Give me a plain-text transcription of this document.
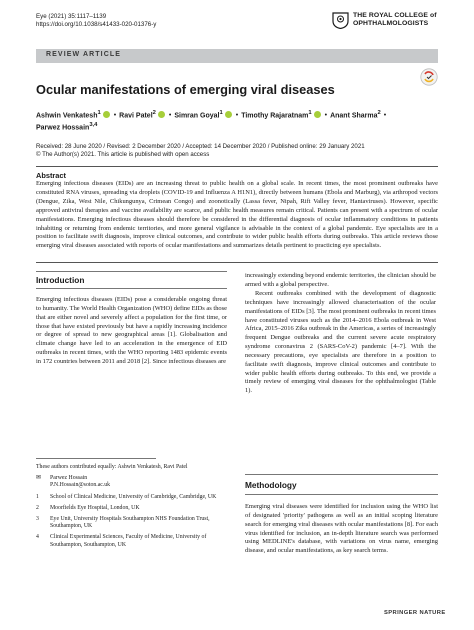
Eye (2021) 35:1117–1139
https://doi.org/10.1038/s41433-020-01376-y
THE ROYAL COLLEGE of
OPHTHALMOLOGISTS
REVIEW ARTICLE
Ocular manifestations of emerging viral diseases
Ashwin Venkatesh$^1$ • Ravi Patel$^2$ • Simran Goyal$^1$ • Timothy Rajaratnam$^1$ • Anant Sharma$^2$ •
Parwez Hossain$^{3,4}$
Received: 28 June 2020 / Revised: 2 December 2020 / Accepted: 14 December 2020 / Published online: 29 January 2021
© The Author(s) 2021. This article is published with open access
Abstract
Emerging infectious diseases (EIDs) are an increasing threat to public health on a global scale. In recent times, the most prominent outbreaks have constituted RNA viruses, spreading via droplets (COVID-19 and Influenza A H1N1), directly between humans (Ebola and Marburg), via arthropod vectors (Dengue, Zika, West Nile, Chikungunya, Crimean Congo) and zoonotically (Lassa fever, Nipah, Rift Valley fever, Hantaviruses). However, specific approved antiviral therapies and vaccine availability are scarce, and public health measures remain critical. Patients can present with a spectrum of ocular manifestations. Emerging infectious diseases should therefore be considered in the differential diagnosis of ocular inflammatory conditions in patients inhabiting or returning from endemic territories, and more general vigilance is advisable in the context of a global pandemic. Eye specialists are in a position to facilitate swift diagnosis, improve clinical outcomes, and contribute to wider public health efforts during outbreaks. This article reviews those emerging viral diseases associated with reports of ocular manifestations and summarizes details pertinent to practicing eye specialists.
Introduction
Emerging infectious diseases (EIDs) pose a considerable ongoing threat to humanity. The World Health Organization (WHO) define EIDs as those that are either novel and severely affect a population for the first time, or those that have existed previously but have a rapidly increasing incidence or degree of spread to new geographical areas [1]. Globalisation and climate change have led to an acceleration in the emergence of EID outbreaks in recent times, with the WHO reporting 1483 epidemic events in 172 countries between 2011 and 2018 [2]. Since infectious diseases are
These authors contributed equally: Ashwin Venkatesh, Ravi Patel
✉	Parwez Hossain
P.N.Hossain@soton.ac.uk
1	School of Clinical Medicine, University of Cambridge, Cambridge, UK
2	Moorfields Eye Hospital, London, UK
3	Eye Unit, University Hospitals Southampton NHS Foundation Trust, Southampton, UK
4	Clinical Experimental Sciences, Faculty of Medicine, University of Southampton, Southampton, UK
increasingly extending beyond endemic territories, the clinician should be armed with a global perspective.
Recent outbreaks combined with the development of diagnostic techniques have increasingly allowed characterisation of the ocular manifestations of EIDs [3]. The most prominent outbreaks in recent times have constituted viruses such as the 2014–2016 Ebola outbreak in West Africa, 2015–2016 Zika outbreak in the Americas, a series of increasingly frequent Dengue outbreaks and the current severe acute respiratory syndrome coronavirus 2 (SARS-CoV-2) pandemic [4–7]. With the necessary precautions, eye specialists are therefore in a position to facilitate swift diagnosis, improve clinical outcomes and contribute to wider public health efforts during outbreaks. To this end, we provide a timely review of emerging viral diseases for the ophthalmologist (Table 1).
Methodology
Emerging viral diseases were identified for inclusion using the WHO list of designated 'priority' pathogens as well as an initial scoping literature search for emerging viral diseases with ocular manifestations [8]. For each virus identified for inclusion, an in-depth literature search was performed using MEDLINE's database, with variations on virus name, emerging disease, and ocular manifestations, as key search terms.
SPRINGER NATURE
